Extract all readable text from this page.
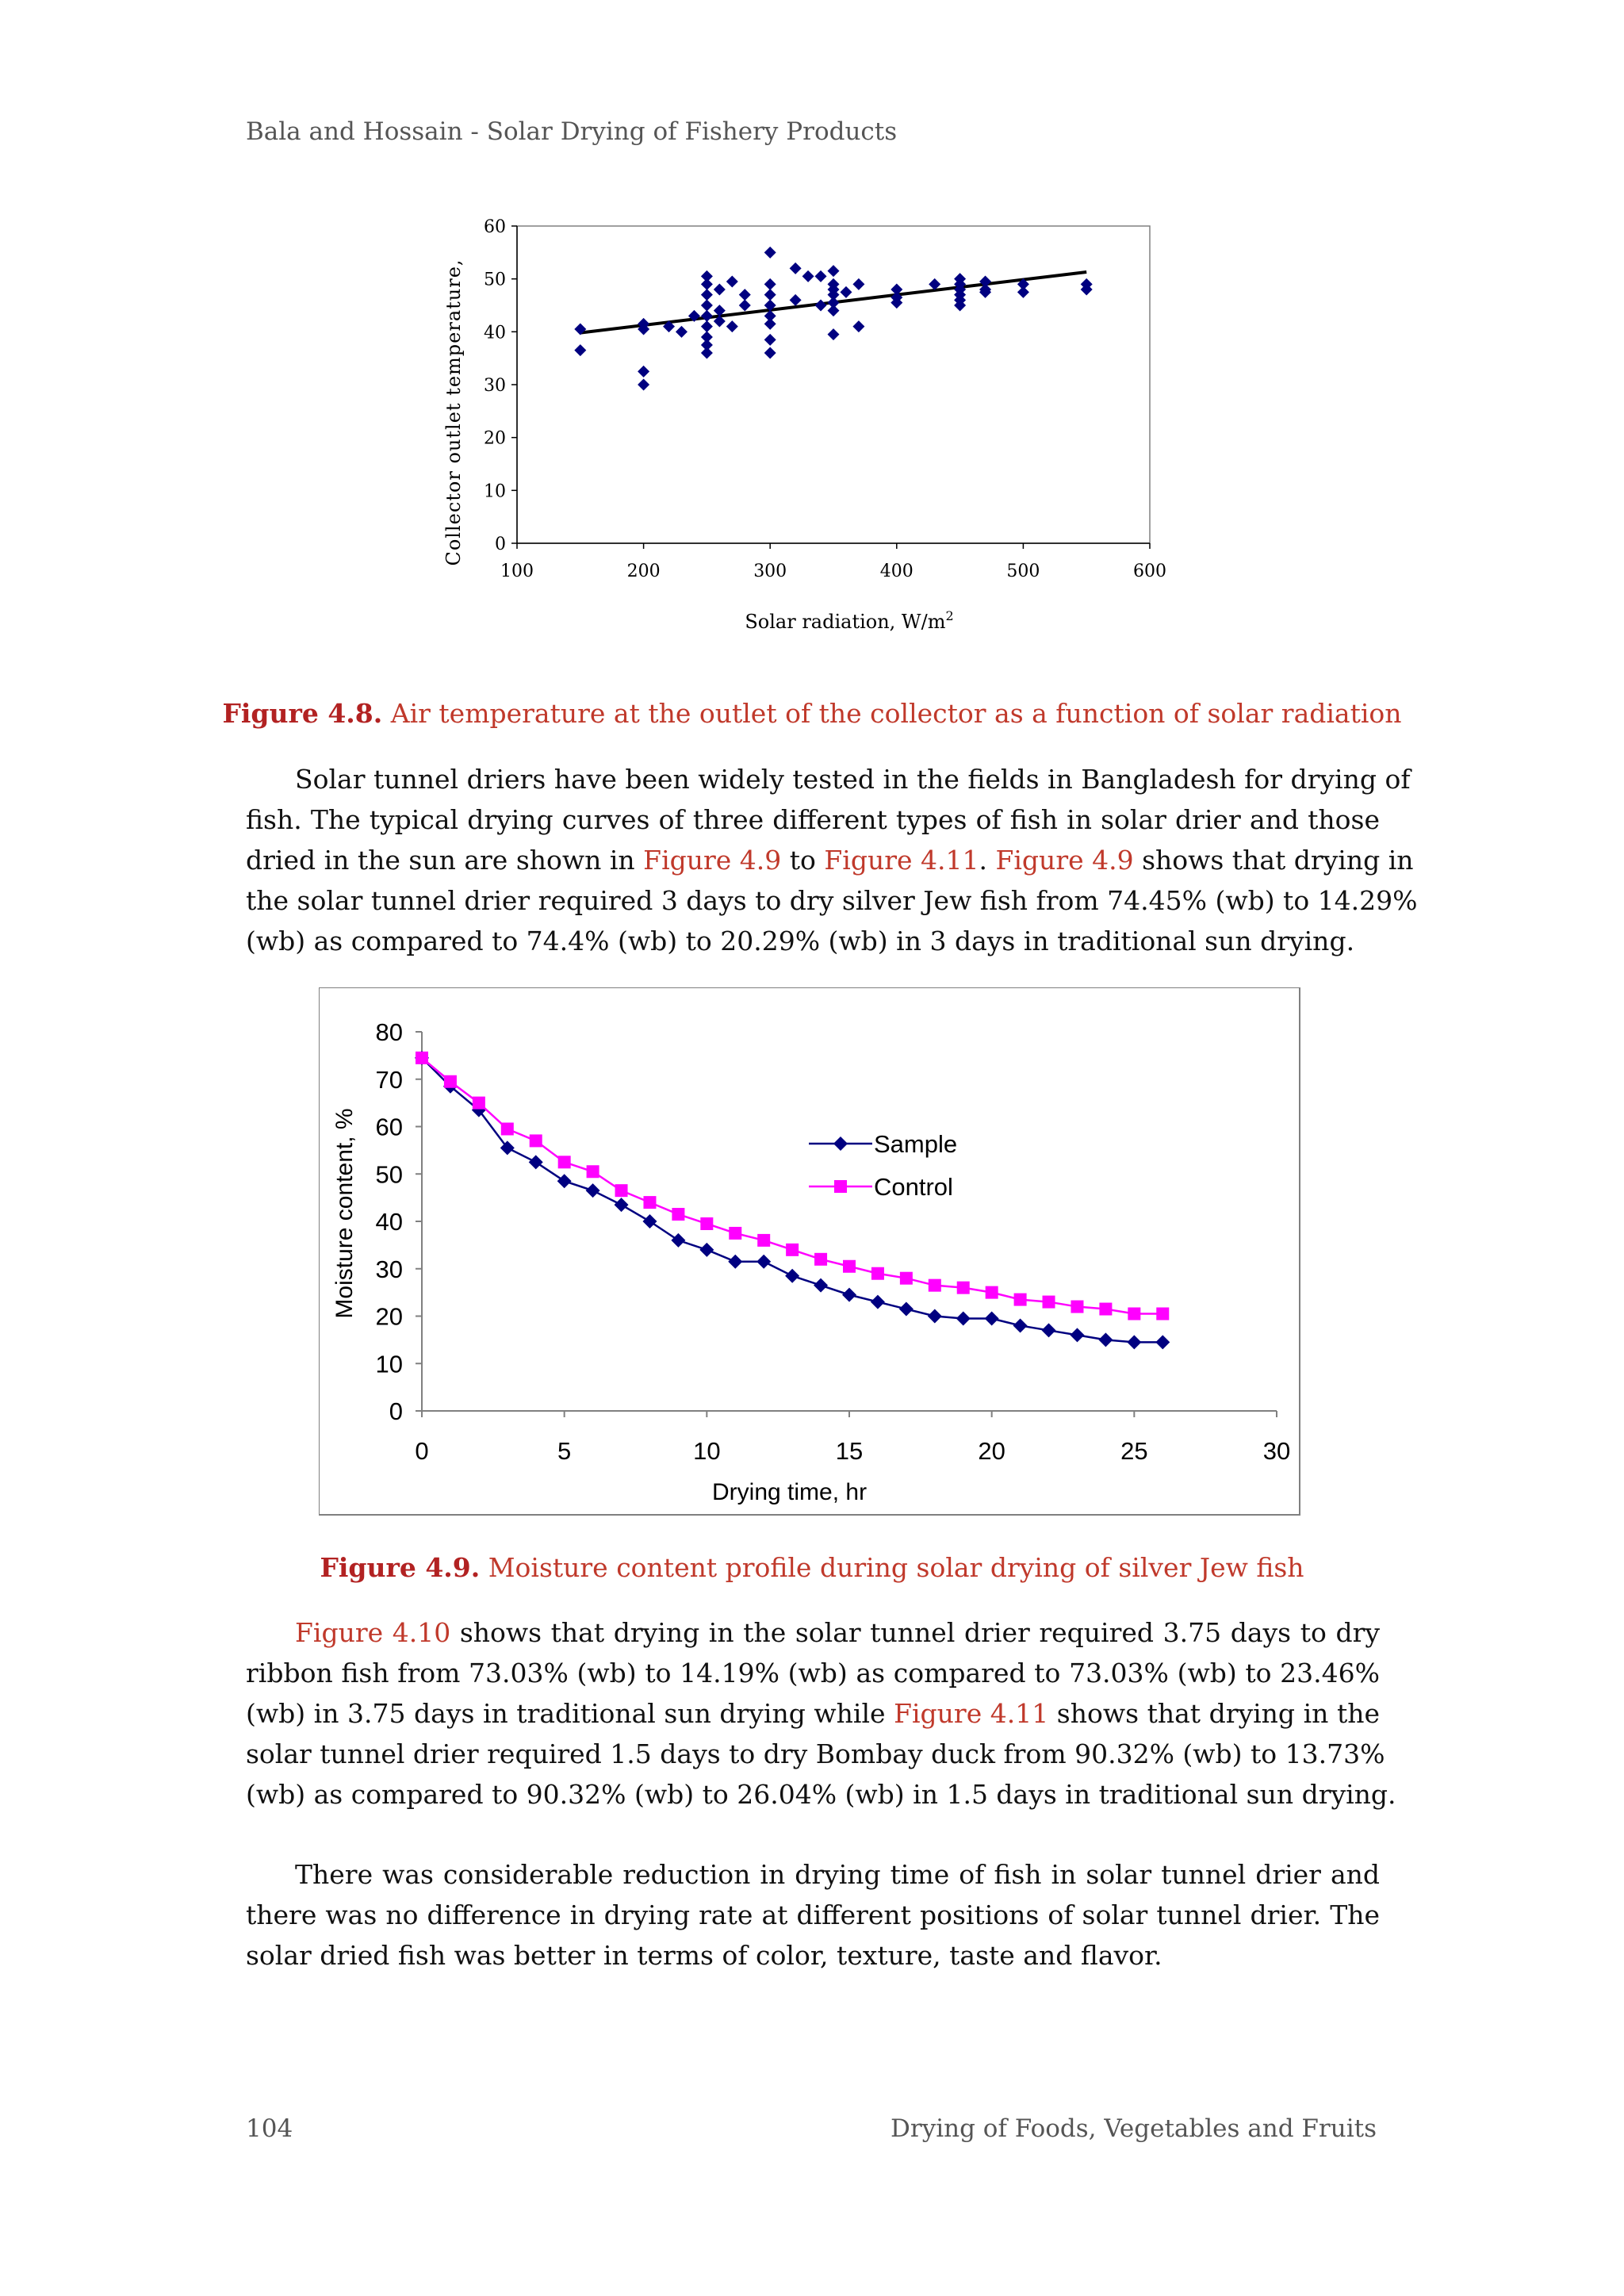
Bala and Hossain - Solar Drying of Fishery Products
0
10
20
30
40
50
60
100	200	300	400	500	600
Solar radiation, $W/m^2$
Collector outlet temperature,
Figure 4.8. Air temperature at the outlet of the collector as a function of solar radiation
Solar tunnel driers have been widely tested in the fields in Bangladesh for drying of
fish. The typical drying curves of three different types of fish in solar drier and those
dried in the sun are shown in Figure 4.9 to Figure 4.11. Figure 4.9 shows that drying in
the solar tunnel drier required 3 days to dry silver Jew fish from 74.45% (wb) to 14.29%
(wb) as compared to 74.4% (wb) to 20.29% (wb) in 3 days in traditional sun drying.
0
10
20
30
40
50
60
70
80
0	5	10	15	20	25	30
Drying time, hr
Moisture content, %	Sample
Control
Figure 4.9. Moisture content profile during solar drying of silver Jew fish
Figure 4.10 shows that drying in the solar tunnel drier required 3.75 days to dry
ribbon fish from 73.03% (wb) to 14.19% (wb) as compared to 73.03% (wb) to 23.46%
(wb) in 3.75 days in traditional sun drying while Figure 4.11 shows that drying in the
solar tunnel drier required 1.5 days to dry Bombay duck from 90.32% (wb) to 13.73%
(wb) as compared to 90.32% (wb) to 26.04% (wb) in 1.5 days in traditional sun drying.
There was considerable reduction in drying time of fish in solar tunnel drier and
there was no difference in drying rate at different positions of solar tunnel drier. The
solar dried fish was better in terms of color, texture, taste and flavor.
104	Drying of Foods, Vegetables and Fruits
